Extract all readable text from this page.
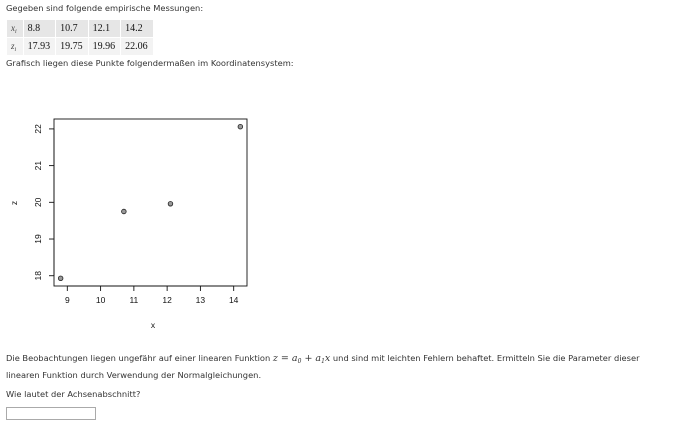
Gegeben sind folgende empirische Messungen:
$x_i$	8.8	10.7	12.1	14.2
$z_i$	17.93	19.75	19.96	22.06
Grafisch liegen diese Punkte folgendermaßen im Koordinatensystem:
9	10	11	12	13	14
18
19
20
21
22
x
z
Die Beobachtungen liegen ungefähr auf einer linearen Funktion $z = a_0 + a_1x$ und sind mit leichten Fehlern behaftet. Ermitteln Sie die Parameter dieser linearen Funktion durch Verwendung der Normalgleichungen.
Wie lautet der Achsenabschnitt?
